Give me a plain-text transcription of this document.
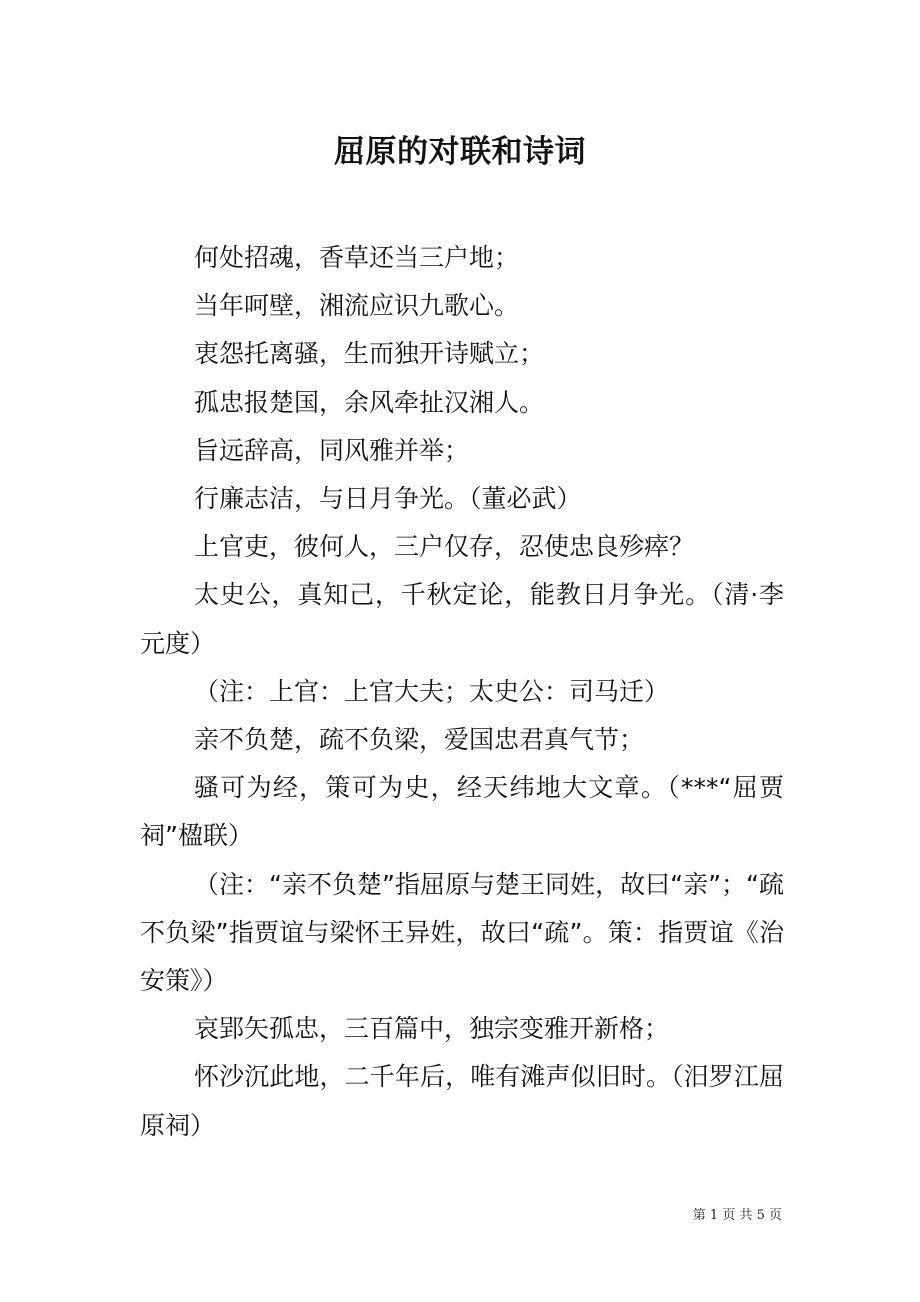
屈原的对联和诗词

何处招魂，香草还当三户地；

当年呵壁，湘流应识九歌心。

衷怨托离骚，生而独开诗赋立；

孤忠报楚国，余风牵扯汉湘人。

旨远辞高，同风雅并举；

行廉志洁，与日月争光。（董必武）

上官吏，彼何人，三户仅存，忍使忠良殄瘁？

太史公，真知己，千秋定论，能教日月争光。（清·李元度）

（注：上官：上官大夫；太史公：司马迁）

亲不负楚，疏不负梁，爱国忠君真气节；

骚可为经，策可为史，经天纬地大文章。（***“屈贾祠”楹联）

（注：“亲不负楚”指屈原与楚王同姓，故曰“亲”；“疏不负梁”指贾谊与梁怀王异姓，故曰“疏”。策：指贾谊《治安策》）

哀郢矢孤忠，三百篇中，独宗变雅开新格；

怀沙沉此地，二千年后，唯有滩声似旧时。（汨罗江屈原祠）

第 1 页 共 5 页
